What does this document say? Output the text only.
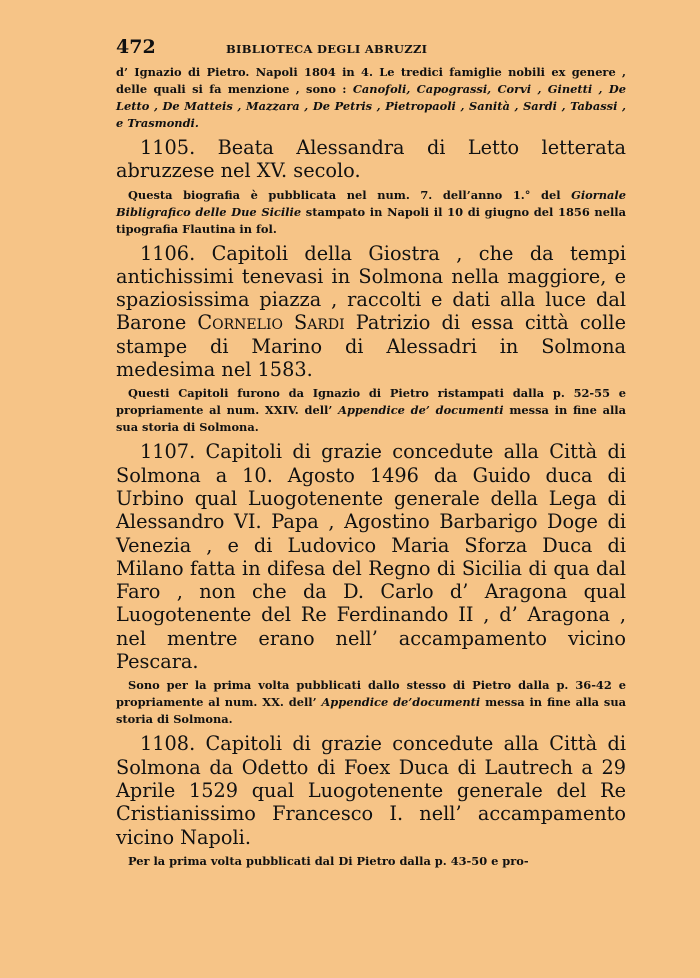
472	BIBLIOTECA DEGLI ABRUZZI

d’ Ignazio di Pietro. Napoli 1804 in 4. Le tredici famiglie nobili ex genere , delle quali si fa menzione , sono : Canofoli, Capograssi, Corvi , Ginetti , De Letto , De Matteis , Mazzara , De Petris , Pietropaoli , Sanità , Sardi , Tabassi , e Trasmondi.

1105. Beata Alessandra di Letto letterata abruzzese nel XV. secolo.

Questa biografia è pubblicata nel num. 7. dell’anno 1.° del Giornale Bibligrafico delle Due Sicilie stampato in Napoli il 10 di giugno del 1856 nella tipografia Flautina in fol.

1106. Capitoli della Giostra , che da tempi antichissimi tenevasi in Solmona nella maggiore, e spaziosissima piazza , raccolti e dati alla luce dal Barone Cornelio Sardi Patrizio di essa città colle stampe di Marino di Alessadri in Solmona medesima nel 1583.

Questi Capitoli furono da Ignazio di Pietro ristampati dalla p. 52-55 e propriamente al num. XXIV. dell’ Appendice de’ documenti messa in fine alla sua storia di Solmona.

1107. Capitoli di grazie concedute alla Città di Solmona a 10. Agosto 1496 da Guido duca di Urbino qual Luogotenente generale della Lega di Alessandro VI. Papa , Agostino Barbarigo Doge di Venezia , e di Ludovico Maria Sforza Duca di Milano fatta in difesa del Regno di Sicilia di qua dal Faro , non che da D. Carlo d’ Aragona qual Luogotenente del Re Ferdinando II , d’ Aragona , nel mentre erano nell’ accampamento vicino Pescara.

Sono per la prima volta pubblicati dallo stesso di Pietro dalla p. 36-42 e propriamente al num. XX. dell’ Appendice de’documenti messa in fine alla sua storia di Solmona.

1108. Capitoli di grazie concedute alla Città di Solmona da Odetto di Foex Duca di Lautrech a 29 Aprile 1529 qual Luogotenente generale del Re Cristianissimo Francesco I. nell’ accampamento vicino Napoli.

Per la prima volta pubblicati dal Di Pietro dalla p. 43-50 e pro-
